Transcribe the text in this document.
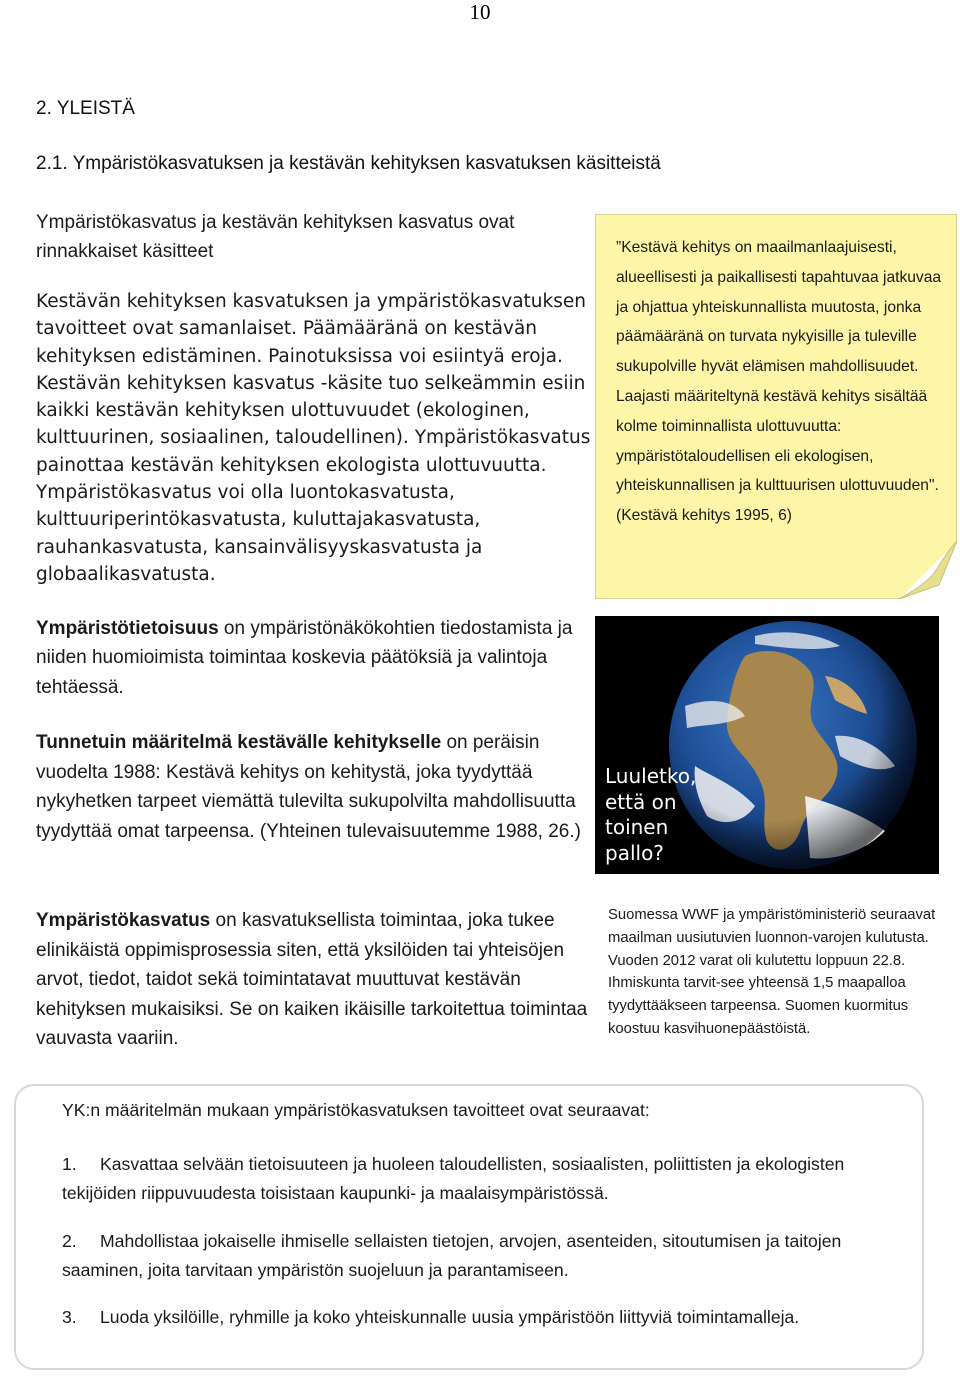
10
2. YLEISTÄ
2.1. Ympäristökasvatuksen ja kestävän kehityksen kasvatuksen käsitteistä
Ympäristökasvatus ja kestävän kehityksen kasvatus ovat rinnakkaiset käsitteet
Kestävän kehityksen kasvatuksen ja ympäristökasvatuksen tavoitteet ovat samanlaiset. Päämääränä on kestävän kehityksen edistäminen. Painotuksissa voi esiintyä eroja. Kestävän kehityksen kasvatus -käsite tuo selkeämmin esiin kaikki kestävän kehityksen ulottuvuudet (ekologinen, kulttuurinen, sosiaalinen, taloudellinen). Ympäristökasvatus painottaa kestävän kehityksen ekologista ulottuvuutta. Ympäristökasvatus voi olla luontokasvatusta, kulttuuriperintökasvatusta, kuluttajakasvatusta, rauhankasvatusta, kansainvälisyyskasvatusta ja globaalikasvatusta.
Ympäristötietoisuus on ympäristönäkökohtien tiedostamista ja niiden huomioimista toimintaa koskevia päätöksiä ja valintoja tehtäessä.
Tunnetuin määritelmä kestävälle kehitykselle on peräisin vuodelta 1988: Kestävä kehitys on kehitystä, joka tyydyttää nykyhetken tarpeet viemättä tulevilta sukupolvilta mahdollisuutta tyydyttää omat tarpeensa. (Yhteinen tulevaisuutemme 1988, 26.)
Ympäristökasvatus on kasvatuksellista toimintaa, joka tukee elinikäistä oppimisprosessia siten, että yksilöiden tai yhteisöjen arvot, tiedot, taidot sekä toimintatavat muuttuvat kestävän kehityksen mukaisiksi. Se on kaiken ikäisille tarkoitettua toimintaa vauvasta vaariin.
”Kestävä kehitys on maailmanlaajuisesti, alueellisesti ja paikallisesti tapahtuvaa jatkuvaa ja ohjattua yhteiskunnallista muutosta, jonka päämääränä on turvata nykyisille ja tuleville sukupolville hyvät elämisen mahdollisuudet. Laajasti määriteltynä kestävä kehitys sisältää kolme toiminnallista ulottuvuutta: ympäristötaloudellisen eli ekologisen, yhteiskunnallisen ja kulttuurisen ulottuvuuden". (Kestävä kehitys 1995, 6)
Luuletko,
että on
toinen
pallo?
Suomessa WWF ja ympäristöministeriö seuraavat maailman uusiutuvien luonnon-varojen kulutusta. Vuoden 2012 varat oli kulutettu loppuun 22.8. Ihmiskunta tarvit-see yhteensä 1,5 maapalloa tyydyttääkseen tarpeensa. Suomen kuormitus koostuu kasvihuonepäästöistä.
YK:n määritelmän mukaan ympäristökasvatuksen tavoitteet ovat seuraavat:
1. Kasvattaa selvään tietoisuuteen ja huoleen taloudellisten, sosiaalisten, poliittisten ja ekologisten tekijöiden riippuvuudesta toisistaan kaupunki- ja maalaisympäristössä.
2. Mahdollistaa jokaiselle ihmiselle sellaisten tietojen, arvojen, asenteiden, sitoutumisen ja taitojen saaminen, joita tarvitaan ympäristön suojeluun ja parantamiseen.
3. Luoda yksilöille, ryhmille ja koko yhteiskunnalle uusia ympäristöön liittyviä toimintamalleja.
